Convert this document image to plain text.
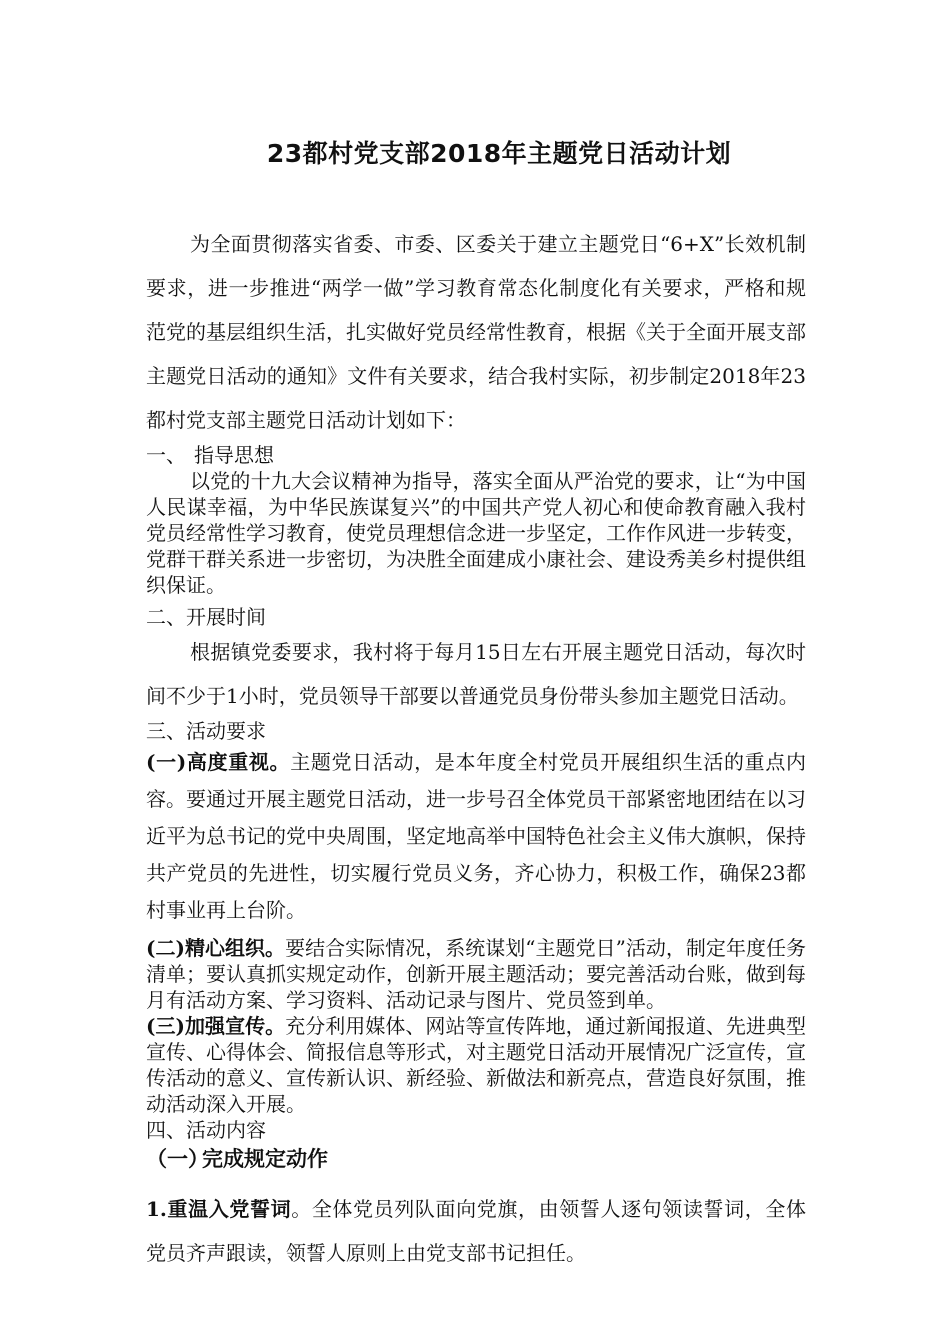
23都村党支部2018年主题党日活动计划

为全面贯彻落实省委、市委、区委关于建立主题党日“6+X”长效机制要求，进一步推进“两学一做”学习教育常态化制度化有关要求，严格和规范党的基层组织生活，扎实做好党员经常性教育，根据《关于全面开展支部主题党日活动的通知》文件有关要求，结合我村实际，初步制定2018年23都村党支部主题党日活动计划如下：

一、 指导思想

以党的十九大会议精神为指导，落实全面从严治党的要求，让“为中国人民谋幸福，为中华民族谋复兴”的中国共产党人初心和使命教育融入我村党员经常性学习教育，使党员理想信念进一步坚定，工作作风进一步转变，党群干群关系进一步密切，为决胜全面建成小康社会、建设秀美乡村提供组织保证。

二、开展时间

根据镇党委要求，我村将于每月15日左右开展主题党日活动，每次时间不少于1小时，党员领导干部要以普通党员身份带头参加主题党日活动。

三、活动要求

(一)高度重视。主题党日活动，是本年度全村党员开展组织生活的重点内容。要通过开展主题党日活动，进一步号召全体党员干部紧密地团结在以习近平为总书记的党中央周围，坚定地高举中国特色社会主义伟大旗帜，保持共产党员的先进性，切实履行党员义务，齐心协力，积极工作，确保23都村事业再上台阶。

(二)精心组织。要结合实际情况，系统谋划“主题党日”活动，制定年度任务清单；要认真抓实规定动作，创新开展主题活动；要完善活动台账，做到每月有活动方案、学习资料、活动记录与图片、党员签到单。

(三)加强宣传。充分利用媒体、网站等宣传阵地，通过新闻报道、先进典型宣传、心得体会、简报信息等形式，对主题党日活动开展情况广泛宣传，宣传活动的意义、宣传新认识、新经验、新做法和新亮点，营造良好氛围，推动活动深入开展。

四、活动内容
（一）完成规定动作

1.重温入党誓词。全体党员列队面向党旗，由领誓人逐句领读誓词，全体党员齐声跟读，领誓人原则上由党支部书记担任。
